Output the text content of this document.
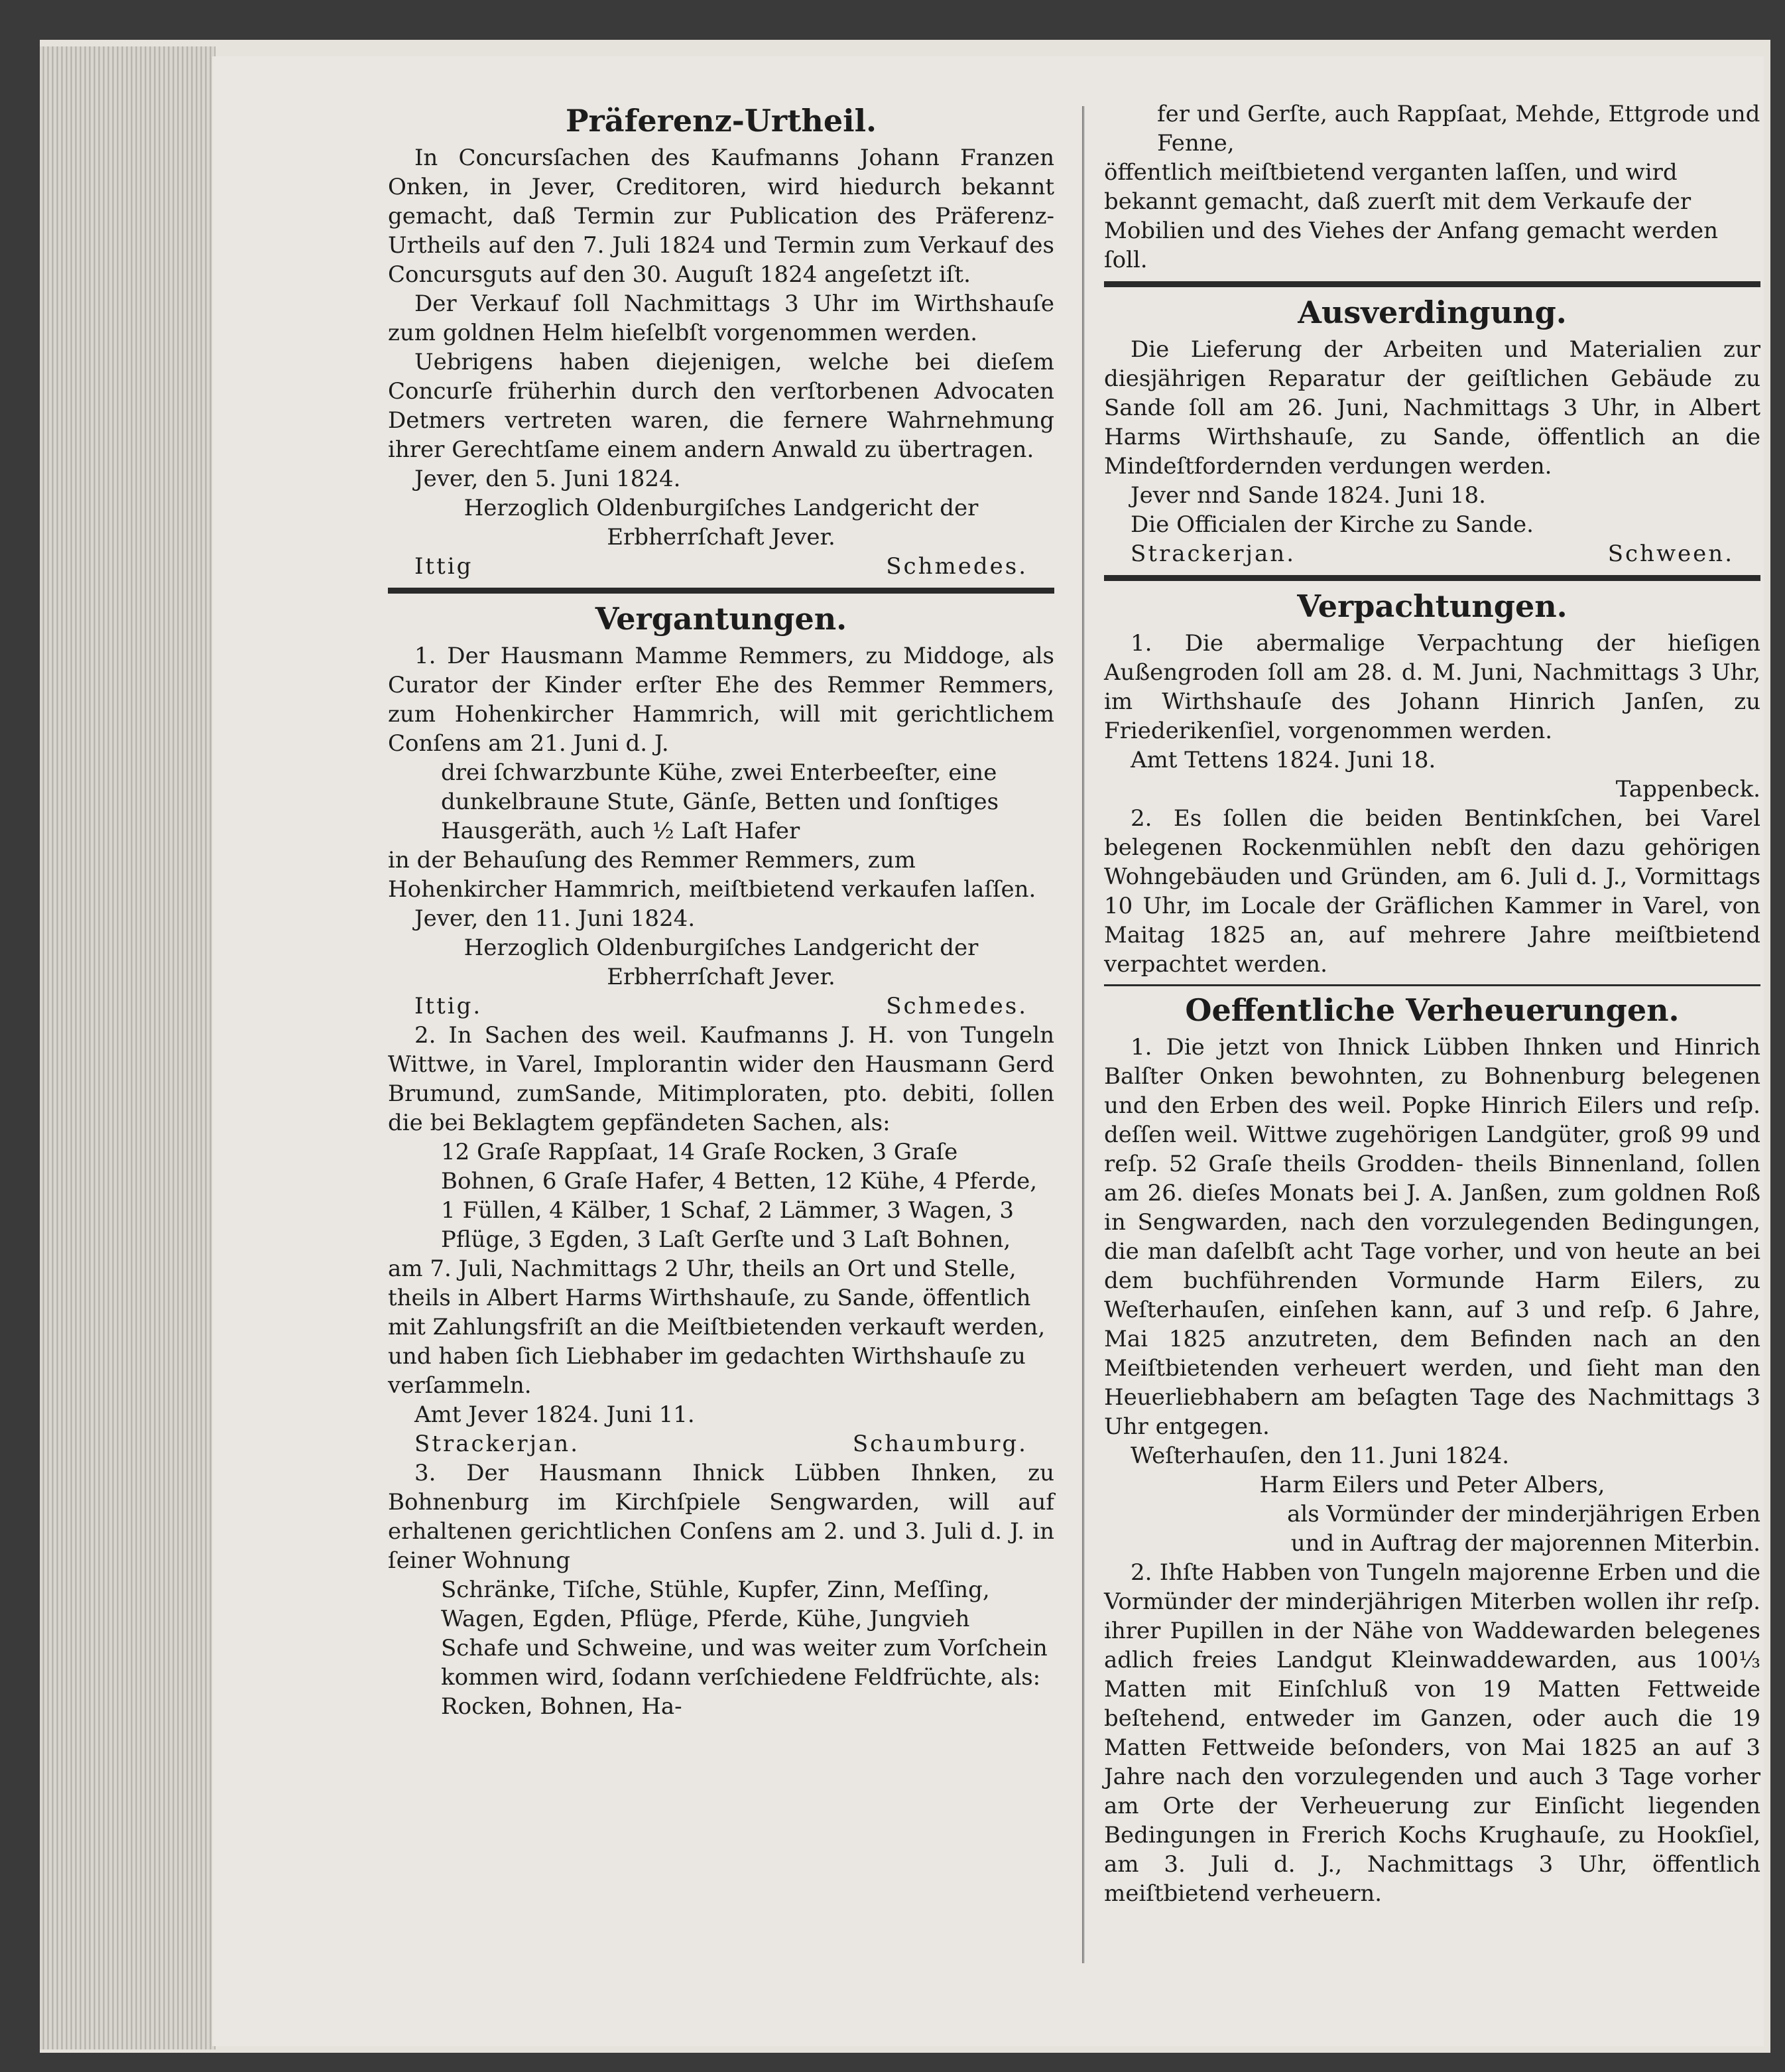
Präferenz-Urtheil.

In Concursſachen des Kaufmanns Johann Franzen Onken, in Jever, Creditoren, wird hiedurch bekannt gemacht, daß Termin zur Publication des Präferenz-Urtheils auf den 7. Juli 1824 und Termin zum Verkauf des Concursguts auf den 30. Auguſt 1824 angeſetzt iſt.

Der Verkauf ſoll Nachmittags 3 Uhr im Wirthshauſe zum goldnen Helm hieſelbſt vorgenommen werden.

Uebrigens haben diejenigen, welche bei dieſem Concurſe früherhin durch den verſtorbenen Advocaten Detmers vertreten waren, die fernere Wahrnehmung ihrer Gerechtſame einem andern Anwald zu übertragen.

Jever, den 5. Juni 1824.

Herzoglich Oldenburgiſches Landgericht der Erbherrſchaft Jever.

Ittig	Schmedes.
Vergantungen.

1. Der Hausmann Mamme Remmers, zu Middoge, als Curator der Kinder erſter Ehe des Remmer Remmers, zum Hohenkircher Hammrich, will mit gerichtlichem Conſens am 21. Juni d. J.

drei ſchwarzbunte Kühe, zwei Enterbeeſter, eine dunkelbraune Stute, Gänſe, Betten und ſonſtiges Hausgeräth, auch ½ Laſt Hafer

in der Behauſung des Remmer Remmers, zum Hohenkircher Hammrich, meiſtbietend verkaufen laſſen.

Jever, den 11. Juni 1824.

Herzoglich Oldenburgiſches Landgericht der Erbherrſchaft Jever.

Ittig.	Schmedes.

2. In Sachen des weil. Kaufmanns J. H. von Tungeln Wittwe, in Varel, Implorantin wider den Hausmann Gerd Brumund, zumSande, Mitimploraten, pto. debiti, ſollen die bei Beklagtem gepfändeten Sachen, als:

12 Graſe Rappſaat, 14 Graſe Rocken, 3 Graſe Bohnen, 6 Graſe Hafer, 4 Betten, 12 Kühe, 4 Pferde, 1 Füllen, 4 Kälber, 1 Schaf, 2 Lämmer, 3 Wagen, 3 Pflüge, 3 Egden, 3 Laſt Gerſte und 3 Laſt Bohnen,

am 7. Juli, Nachmittags 2 Uhr, theils an Ort und Stelle, theils in Albert Harms Wirthshauſe, zu Sande, öffentlich mit Zahlungsfriſt an die Meiſtbietenden verkauft werden, und haben ſich Liebhaber im gedachten Wirthshauſe zu verſammeln.

Amt Jever 1824. Juni 11.

Strackerjan.	Schaumburg.

3. Der Hausmann Ihnick Lübben Ihnken, zu Bohnenburg im Kirchſpiele Sengwarden, will auf erhaltenen gerichtlichen Conſens am 2. und 3. Juli d. J. in ſeiner Wohnung

Schränke, Tiſche, Stühle, Kupfer, Zinn, Meſſing, Wagen, Egden, Pflüge, Pferde, Kühe, Jungvieh Schafe und Schweine, und was weiter zum Vorſchein kommen wird, ſodann verſchiedene Feldfrüchte, als: Rocken, Bohnen, Ha-

fer und Gerſte, auch Rappſaat, Mehde, Ettgrode und Fenne,

öffentlich meiſtbietend verganten laſſen, und wird bekannt gemacht, daß zuerſt mit dem Verkaufe der Mobilien und des Viehes der Anfang gemacht werden ſoll.

Ausverdingung.

Die Lieferung der Arbeiten und Materialien zur diesjährigen Reparatur der geiſtlichen Gebäude zu Sande ſoll am 26. Juni, Nachmittags 3 Uhr, in Albert Harms Wirthshauſe, zu Sande, öffentlich an die Mindeſtfordernden verdungen werden.

Jever nnd Sande 1824. Juni 18.

Die Officialen der Kirche zu Sande.

Strackerjan.	Schween.
Verpachtungen.

1. Die abermalige Verpachtung der hieſigen Außengroden ſoll am 28. d. M. Juni, Nachmittags 3 Uhr, im Wirthshauſe des Johann Hinrich Janſen, zu Friederikenſiel, vorgenommen werden.

Amt Tettens 1824. Juni 18.

Tappenbeck.

2. Es ſollen die beiden Bentinkſchen, bei Varel belegenen Rockenmühlen nebſt den dazu gehörigen Wohngebäuden und Gründen, am 6. Juli d. J., Vormittags 10 Uhr, im Locale der Gräflichen Kammer in Varel, von Maitag 1825 an, auf mehrere Jahre meiſtbietend verpachtet werden.

Oeffentliche Verheuerungen.

1. Die jetzt von Ihnick Lübben Ihnken und Hinrich Balſter Onken bewohnten, zu Bohnenburg belegenen und den Erben des weil. Popke Hinrich Eilers und reſp. deſſen weil. Wittwe zugehörigen Landgüter, groß 99 und reſp. 52 Graſe theils Grodden- theils Binnenland, ſollen am 26. dieſes Monats bei J. A. Janßen, zum goldnen Roß in Sengwarden, nach den vorzulegenden Bedingungen, die man daſelbſt acht Tage vorher, und von heute an bei dem buchführenden Vormunde Harm Eilers, zu Weſterhauſen, einſehen kann, auf 3 und reſp. 6 Jahre, Mai 1825 anzutreten, dem Befinden nach an den Meiſtbietenden verheuert werden, und ſieht man den Heuerliebhabern am beſagten Tage des Nachmittags 3 Uhr entgegen.

Weſterhauſen, den 11. Juni 1824.

Harm Eilers und Peter Albers,

als Vormünder der minderjährigen Erben

und in Auftrag der majorennen Miterbin.

2. Ihſte Habben von Tungeln majorenne Erben und die Vormünder der minderjährigen Miterben wollen ihr reſp. ihrer Pupillen in der Nähe von Waddewarden belegenes adlich freies Landgut Kleinwaddewarden, aus 100⅓ Matten mit Einſchluß von 19 Matten Fettweide beſtehend, entweder im Ganzen, oder auch die 19 Matten Fettweide beſonders, von Mai 1825 an auf 3 Jahre nach den vorzulegenden und auch 3 Tage vorher am Orte der Verheuerung zur Einſicht liegenden Bedingungen in Frerich Kochs Krughauſe, zu Hookſiel, am 3. Juli d. J., Nachmittags 3 Uhr, öffentlich meiſtbietend verheuern.
